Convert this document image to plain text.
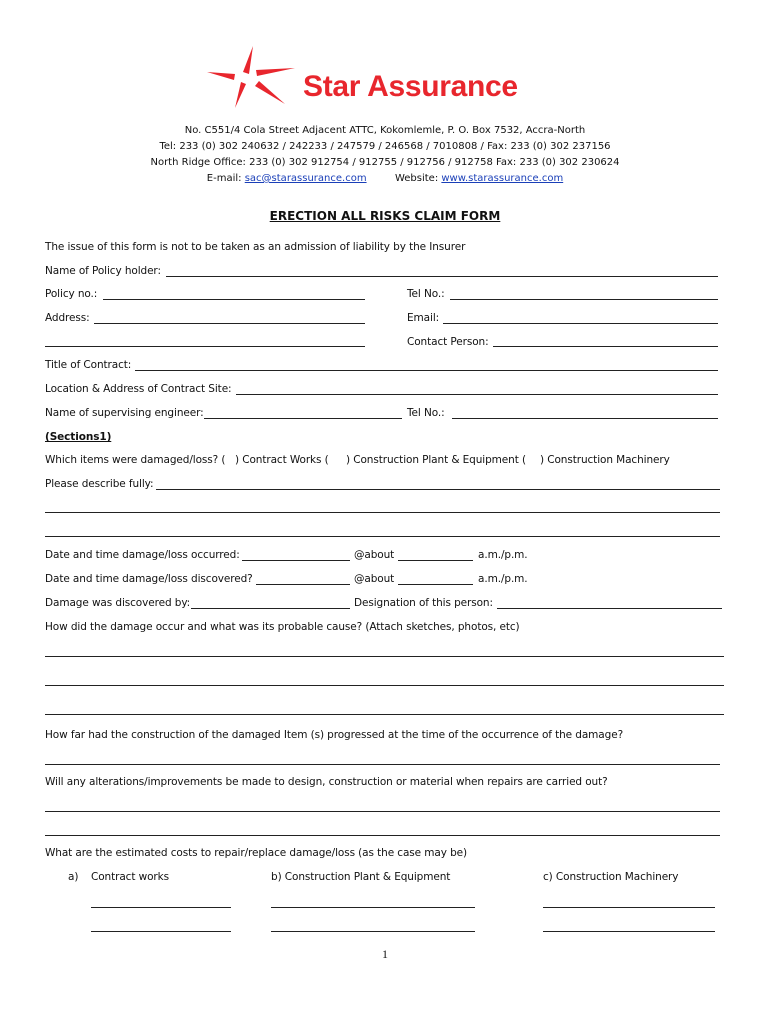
Star Assurance
No. C551/4 Cola Street Adjacent ATTC, Kokomlemle, P. O. Box 7532, Accra-North
Tel: 233 (0) 302 240632 / 242233 / 247579 / 246568 / 7010808 / Fax: 233 (0) 302 237156
North Ridge Office: 233 (0) 302 912754 / 912755 / 912756 / 912758 Fax: 233 (0) 302 230624
E-mail: sac@starassurance.com	Website: www.starassurance.com
ERECTION ALL RISKS CLAIM FORM
The issue of this form is not to be taken as an admission of liability by the Insurer
Name of Policy holder:
Policy no.:	Tel No.:
Address:	Email:
Contact Person:
Title of Contract:
Location & Address of Contract Site:
Name of supervising engineer:	Tel No.:
(Sections1)
Which items were damaged/loss? ( ) Contract Works ( ) Construction Plant & Equipment ( ) Construction Machinery
Please describe fully:
Date and time damage/loss occurred:	@about	a.m./p.m.
Date and time damage/loss discovered?	@about	a.m./p.m.
Damage was discovered by:	Designation of this person:
How did the damage occur and what was its probable cause? (Attach sketches, photos, etc)
How far had the construction of the damaged Item (s) progressed at the time of the occurrence of the damage?
Will any alterations/improvements be made to design, construction or material when repairs are carried out?
What are the estimated costs to repair/replace damage/loss (as the case may be)
a) Contract works	b) Construction Plant & Equipment	c) Construction Machinery
1
